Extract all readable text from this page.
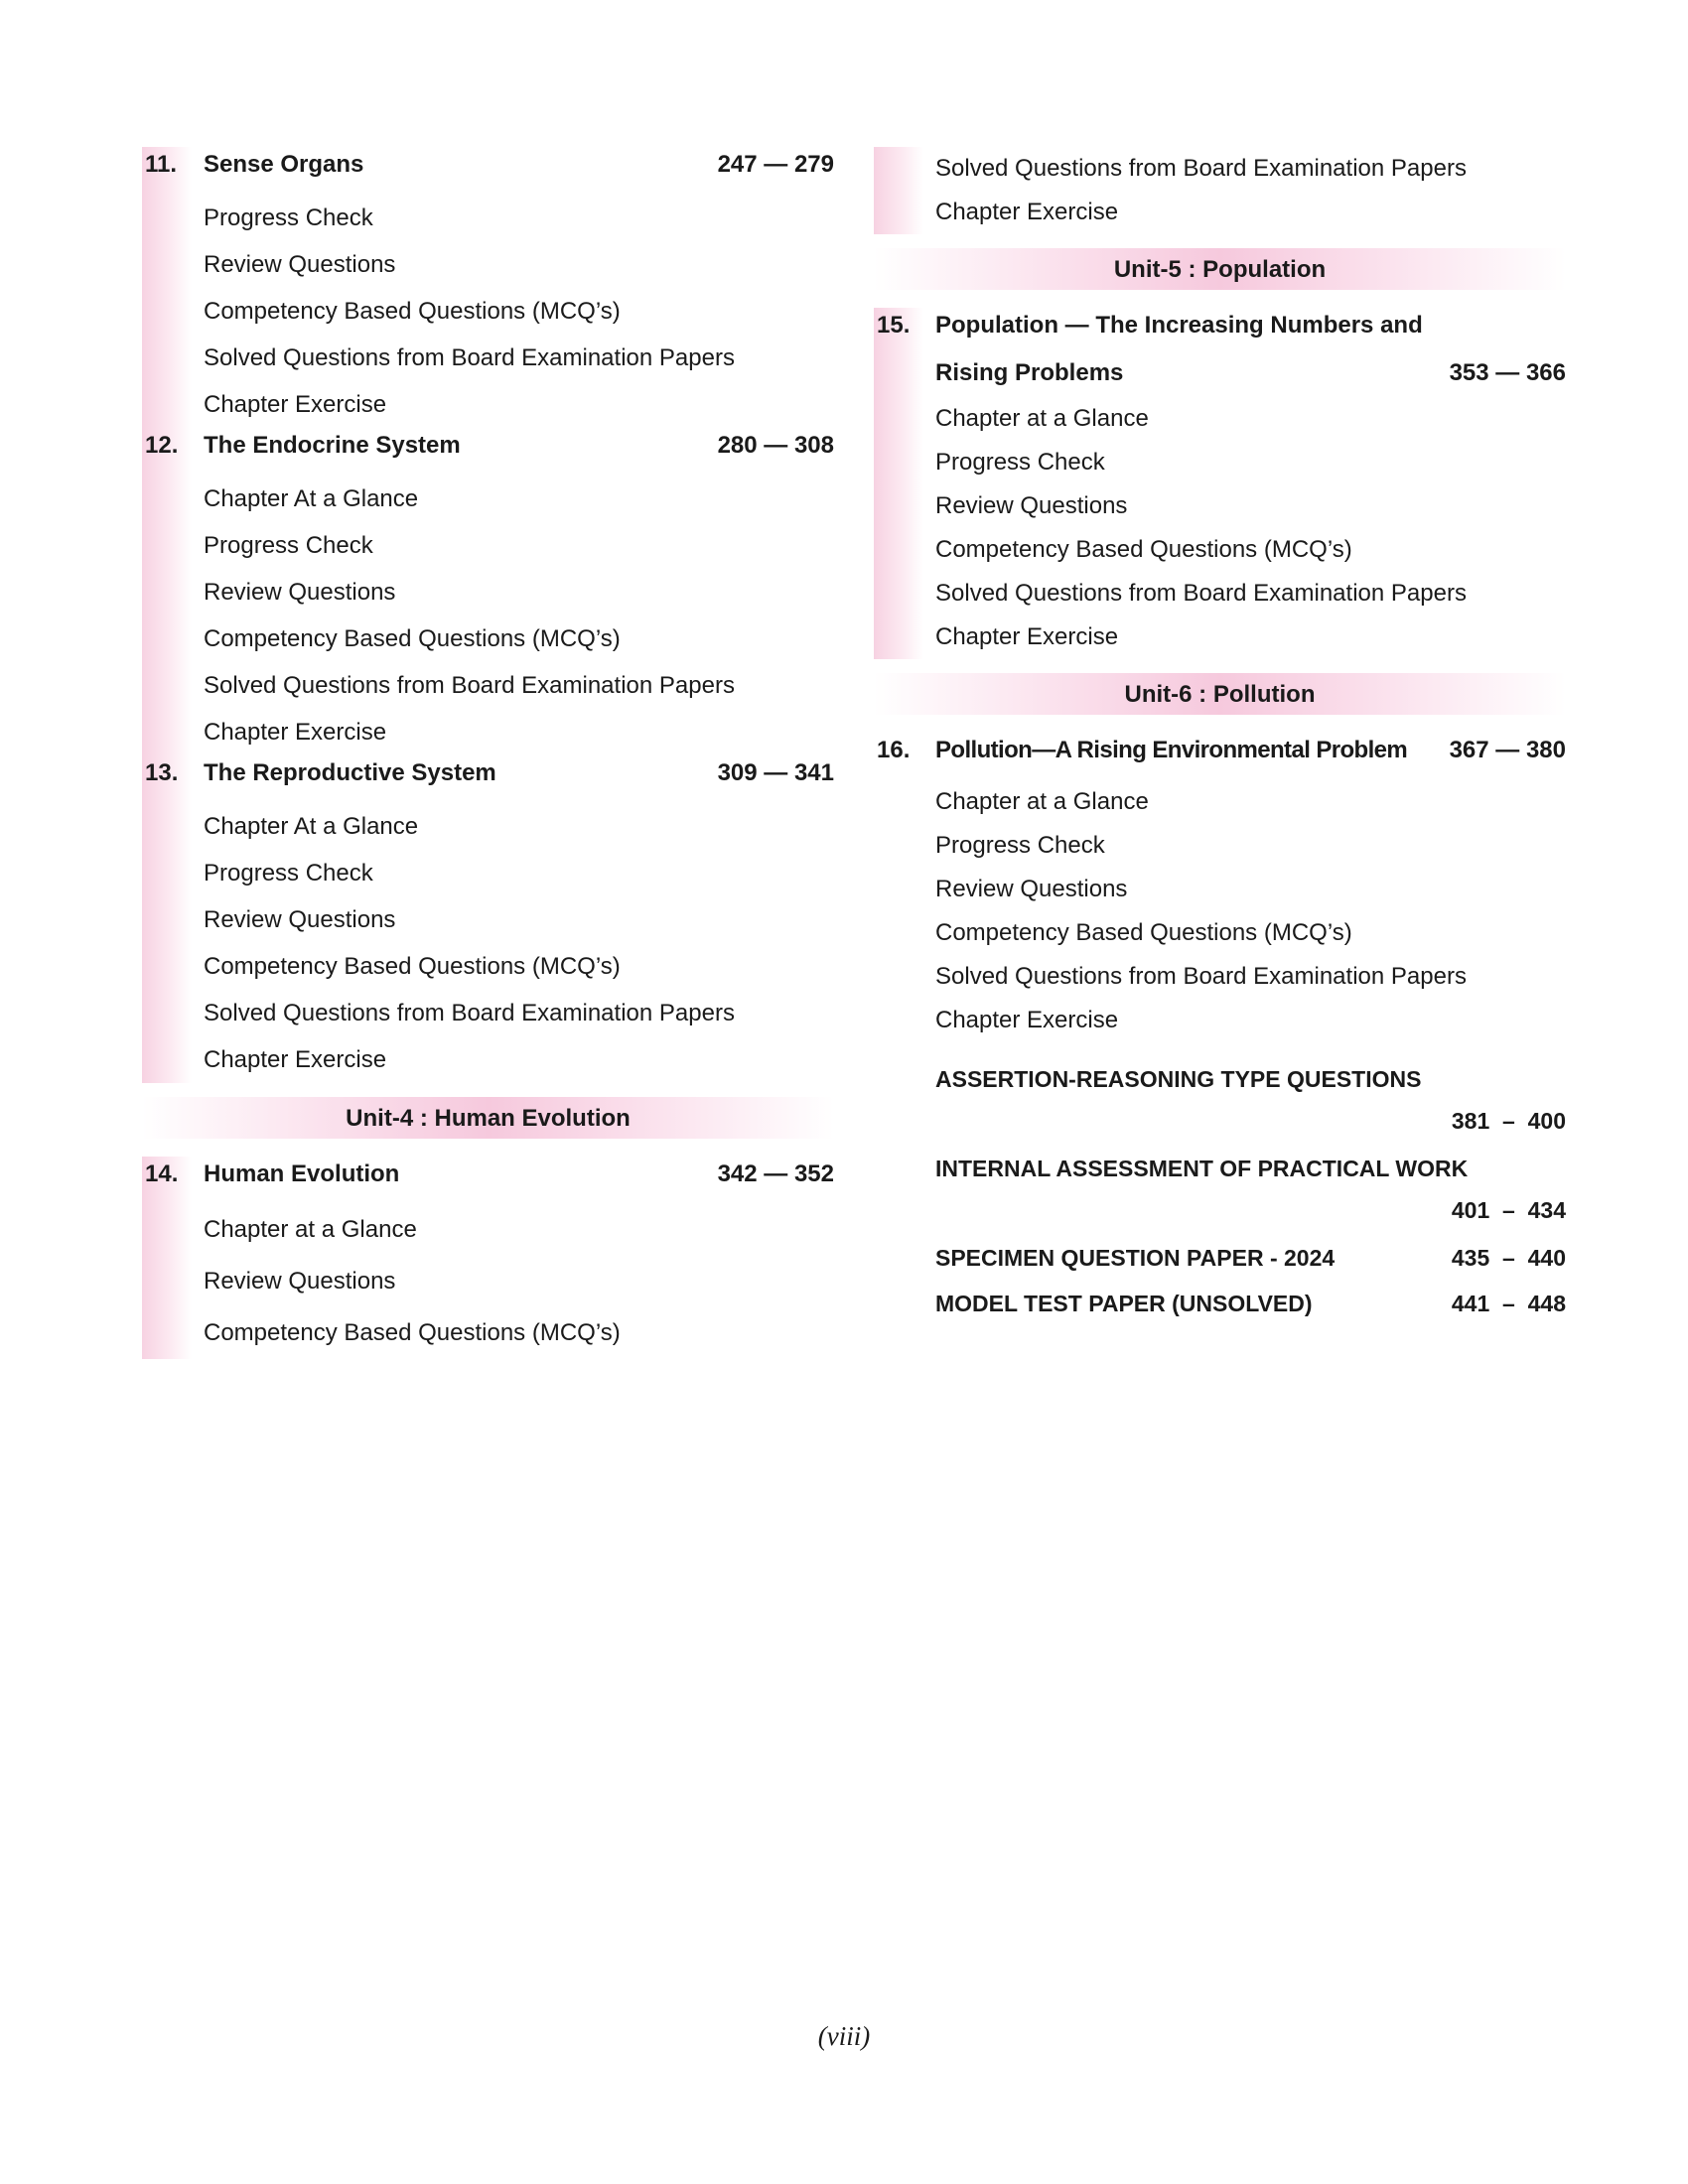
11. Sense Organs	247 — 279
Progress Check
Review Questions
Competency Based Questions (MCQ’s)
Solved Questions from Board Examination Papers
Chapter Exercise
12. The Endocrine System	280 — 308
Chapter At a Glance
Progress Check
Review Questions
Competency Based Questions (MCQ’s)
Solved Questions from Board Examination Papers
Chapter Exercise
13. The Reproductive System	309 — 341
Chapter At a Glance
Progress Check
Review Questions
Competency Based Questions (MCQ’s)
Solved Questions from Board Examination Papers
Chapter Exercise
Unit-4 : Human Evolution
14. Human Evolution	342 — 352
Chapter at a Glance
Review Questions
Competency Based Questions (MCQ’s)
Solved Questions from Board Examination Papers
Chapter Exercise
Unit-5 : Population
15. Population — The Increasing Numbers and
Rising Problems	353 — 366
Chapter at a Glance
Progress Check
Review Questions
Competency Based Questions (MCQ’s)
Solved Questions from Board Examination Papers
Chapter Exercise
Unit-6 : Pollution
16. Pollution—A Rising Environmental Problem 367 — 380
Chapter at a Glance
Progress Check
Review Questions
Competency Based Questions (MCQ’s)
Solved Questions from Board Examination Papers
Chapter Exercise
ASSERTION-REASONING TYPE QUESTIONS
381  –  400
INTERNAL ASSESSMENT OF PRACTICAL WORK
401  –  434
SPECIMEN QUESTION PAPER - 2024	435  –  440
MODEL TEST PAPER (UNSOLVED)	441  –  448
(viii)
